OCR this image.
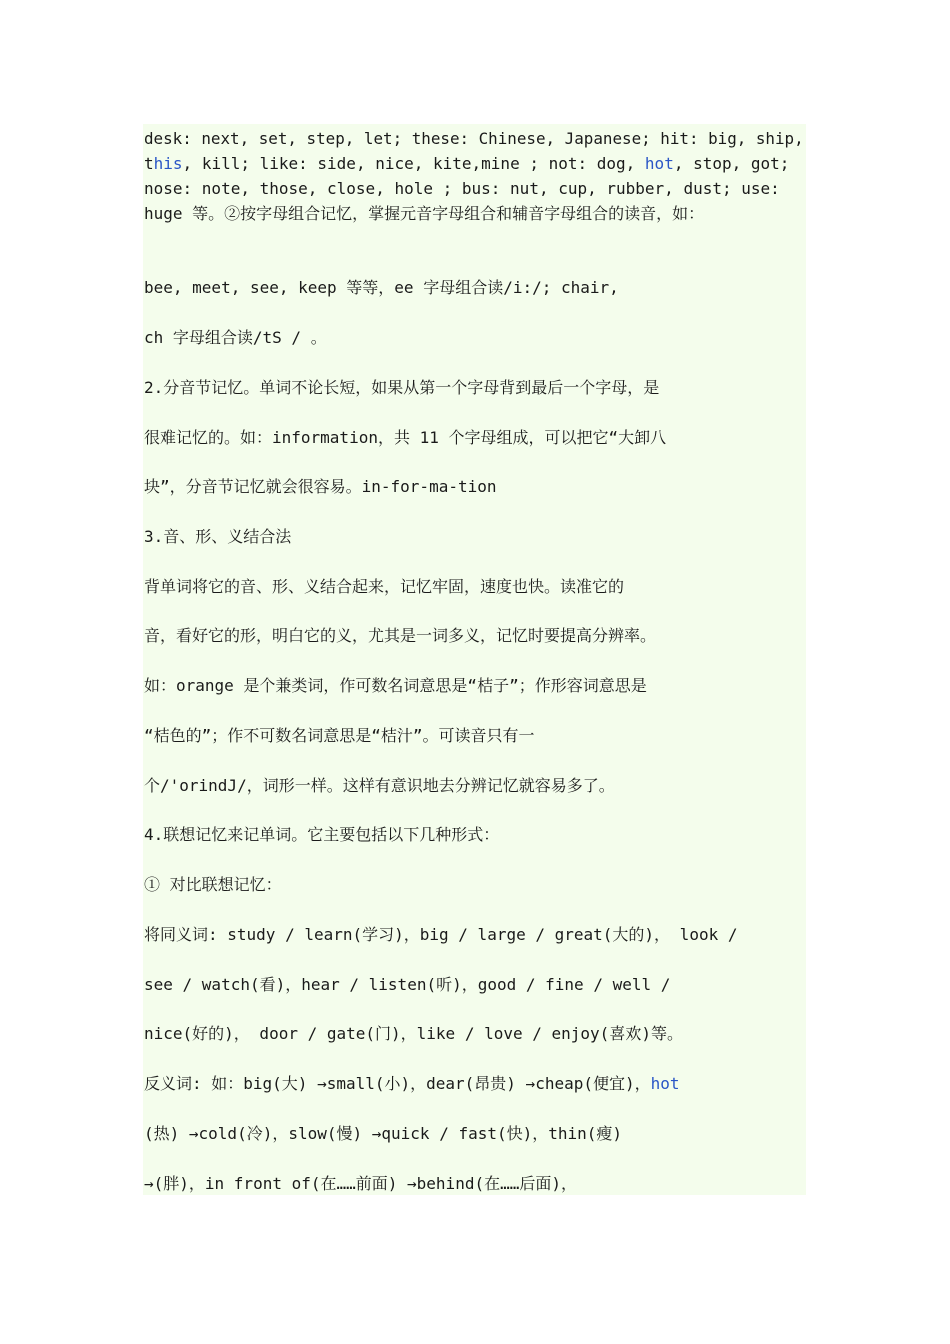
desk: next, set, step, let; these: Chinese, Japanese; hit: big, ship,
this, kill; like: side, nice, kite,mine ; not: dog, hot, stop, got;
nose: note, those, close, hole ; bus: nut, cup, rubber, dust; use:
huge 等。②按字母组合记忆，掌握元音字母组合和辅音字母组合的读音，如：
bee, meet, see, keep 等等，ee 字母组合读/i:/; chair,
ch 字母组合读/tS / 。
2.分音节记忆。单词不论长短，如果从第一个字母背到最后一个字母，是
很难记忆的。如：information，共 11 个字母组成，可以把它“大卸八
块”，分音节记忆就会很容易。in-for-ma-tion
3.音、形、义结合法
背单词将它的音、形、义结合起来，记忆牢固，速度也快。读准它的
音，看好它的形，明白它的义，尤其是一词多义，记忆时要提高分辨率。
如：orange 是个兼类词，作可数名词意思是“桔子”；作形容词意思是
“桔色的”；作不可数名词意思是“桔汁”。可读音只有一
个/'orindJ/，词形一样。这样有意识地去分辨记忆就容易多了。
4.联想记忆来记单词。它主要包括以下几种形式：
① 对比联想记忆：
将同义词: study / learn(学习)，big / large / great(大的)， look /
see / watch(看)，hear / listen(听)，good / fine / well /
nice(好的)， door / gate(门)，like / love / enjoy(喜欢)等。
反义词: 如：big(大) →small(小)，dear(昂贵) →cheap(便宜)，hot
(热) →cold(冷)，slow(慢) →quick / fast(快)，thin(瘦)
→(胖)，in front of(在……前面) →behind(在……后面)，
